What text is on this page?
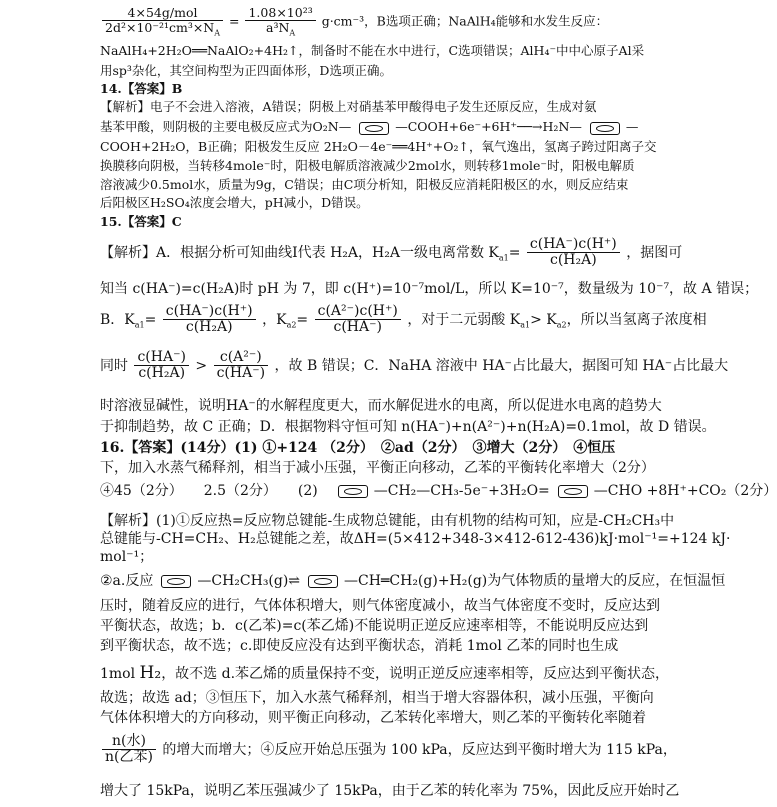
$\frac{\text{4×54g/mol}}{2d^2\times 10^{-21}cm^3\times N_A} = \frac{\text{1.08×10²³}}{a^3N_A} g\cdot cm^{-3}$，B选项正确；NaAlH₄能够和水发生反应：
NaAlH₄+2H₂O══NaAlO₂+4H₂↑，制备时不能在水中进行，C选项错误；AlH₄⁻中中心原子Al采
用sp³杂化，其空间构型为正四面体形，D选项正确。
14.【答案】B
【解析】电子不会进入溶液，A错误；阴极上对硝基苯甲酸得电子发生还原反应，生成对氨
基苯甲酸，则阴极的主要电极反应式为O₂N—	—COOH+6e⁻+6H⁺──→H₂N—	—
COOH+2H₂O，B正确；阳极发生反应 2H₂O－4e⁻══4H⁺+O₂↑，氧气逸出，氢离子跨过阳离子交
换膜移向阴极，当转移4mole⁻时，阳极电解质溶液减少2mol水，则转移1mole⁻时，阳极电解质
溶液减少0.5mol水，质量为9g，C错误；由C项分析知，阳极反应消耗阳极区的水，则反应结束
后阳极区H₂SO₄浓度会增大，pH减小，D错误。
15.【答案】C
【解析】A．根据分析可知曲线Ⅰ代表 H₂A，H₂A一级电离常数 $K_{a1}= \frac{c(HA^-)c(H^+)}{\text{c(H₂A)}}$ ，据图可
知当 c(HA⁻)=c(H₂A)时 pH 为 7，即 c(H⁺)=10⁻⁷mol/L，所以 K=10⁻⁷，数量级为 10⁻⁷，故 A 错误；
B．$K_{a1}= \frac{c(HA^-)c(H^+)}{\text{c(H₂A)}}$ ，$K_{a2}= \frac{\text{c(A²⁻)c(H⁺)}}{c(HA^-)}$ ，对于二元弱酸 $K_{a1}> K_{a2}$，所以当氢离子浓度相
同时 $\frac{c(HA^-)}{\text{c(H₂A)}} > \frac{\text{c(A²⁻)}}{c(HA^-)}$ ，故 B 错误；C．NaHA 溶液中 HA⁻占比最大，据图可知 HA⁻占比最大
时溶液显碱性，说明HA⁻的水解程度更大，而水解促进水的电离，所以促进水电离的趋势大
于抑制趋势，故 C 正确；D．根据物料守恒可知 n(HA⁻)+n(A²⁻)+n(H₂A)=0.1mol，故 D 错误。
16.【答案】(14分）(1) ①+124 （2分）　②ad（2分）　③增大（2分）　④恒压
下，加入水蒸气稀释剂，相当于减小压强，平衡正向移动，乙苯的平衡转化率增大（2分）
④45（2分）　　2.5（2分）　　(2)	—CH₂—CH₃-5e⁻+3H₂O=	—CHO +8H⁺+CO₂（2分）
【解析】(1)①反应热=反应物总键能-生成物总键能，由有机物的结构可知，应是-CH₂CH₃中
总键能与-CH=CH₂、H₂总键能之差，故ΔH=(5×412+348-3×412-612-436)kJ·mol⁻¹=+124 kJ·
mol⁻¹；
②a.反应	—CH₂CH₃(g)⇌	—CH═CH₂(g)+H₂(g)为气体物质的量增大的反应，在恒温恒
压时，随着反应的进行，气体体积增大，则气体密度减小，故当气体密度不变时，反应达到
平衡状态，故选；b．c(乙苯)=c(苯乙烯)不能说明正逆反应速率相等，不能说明反应达到
到平衡状态，故不选；c.即使反应没有达到平衡状态，消耗 1mol 乙苯的同时也生成
1mol H₂，故不选 d.苯乙烯的质量保持不变，说明正逆反应速率相等，反应达到平衡状态，
故选；故选 ad；③恒压下，加入水蒸气稀释剂，相当于增大容器体积，减小压强，平衡向
气体体积增大的方向移动，则平衡正向移动，乙苯转化率增大，则乙苯的平衡转化率随着
$\frac{\text{n(水)}}{\text{n(乙苯)}}$ 的增大而增大；④反应开始总压强为 100 kPa，反应达到平衡时增大为 115 kPa，
增大了 15kPa，说明乙苯压强减少了 15kPa，由于乙苯的转化率为 75%，因此反应开始时乙
